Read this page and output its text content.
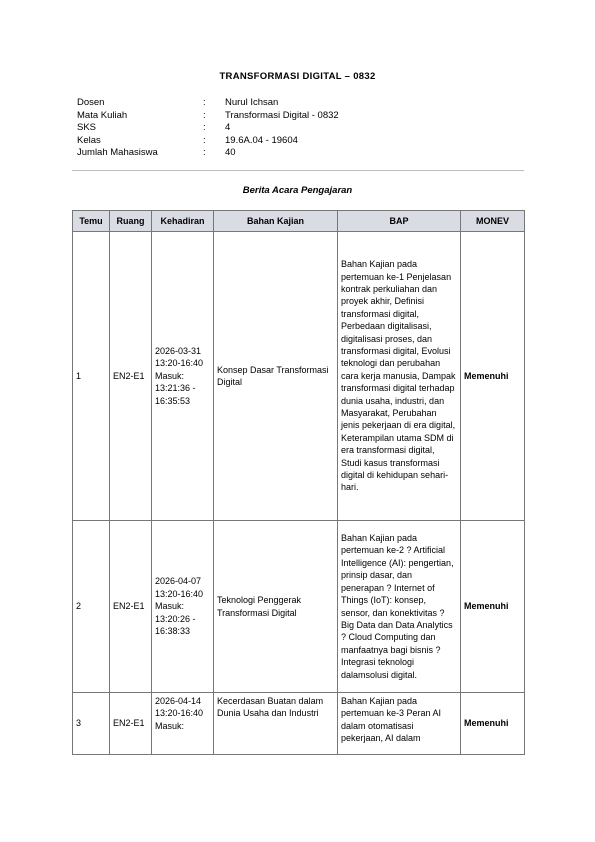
TRANSFORMASI DIGITAL – 0832
Dosen	: Nurul Ichsan
Mata Kuliah	: Transformasi Digital - 0832
SKS	: 4
Kelas	: 19.6A.04 - 19604
Jumlah Mahasiswa	: 40
Berita Acara Pengajaran
Temu	Ruang	Kehadiran	Bahan Kajian	BAP	MONEV
1	EN2-E1	2026-03-31 13:20-16:40 Masuk: 13:21:36 - 16:35:53	Konsep Dasar Transformasi Digital	Bahan Kajian pada pertemuan ke-1 Penjelasan kontrak perkuliahan dan proyek akhir, Definisi transformasi digital, Perbedaan digitalisasi, digitalisasi proses, dan transformasi digital, Evolusi teknologi dan perubahan cara kerja manusia, Dampak transformasi digital terhadap dunia usaha, industri, dan Masyarakat, Perubahan jenis pekerjaan di era digital, Keterampilan utama SDM di era transformasi digital, Studi kasus transformasi digital di kehidupan sehari-hari.	Memenuhi
2	EN2-E1	2026-04-07 13:20-16:40 Masuk: 13:20:26 - 16:38:33	Teknologi Penggerak Transformasi Digital	Bahan Kajian pada pertemuan ke-2 ? Artificial Intelligence (AI): pengertian, prinsip dasar, dan penerapan ? Internet of Things (IoT): konsep, sensor, dan konektivitas ? Big Data dan Data Analytics ? Cloud Computing dan manfaatnya bagi bisnis ? Integrasi teknologi dalamsolusi digital.	Memenuhi
3	EN2-E1	2026-04-14 13:20-16:40 Masuk:	Kecerdasan Buatan dalam Dunia Usaha dan Industri	Bahan Kajian pada pertemuan ke-3 Peran AI dalam otomatisasi pekerjaan, AI dalam	Memenuhi
